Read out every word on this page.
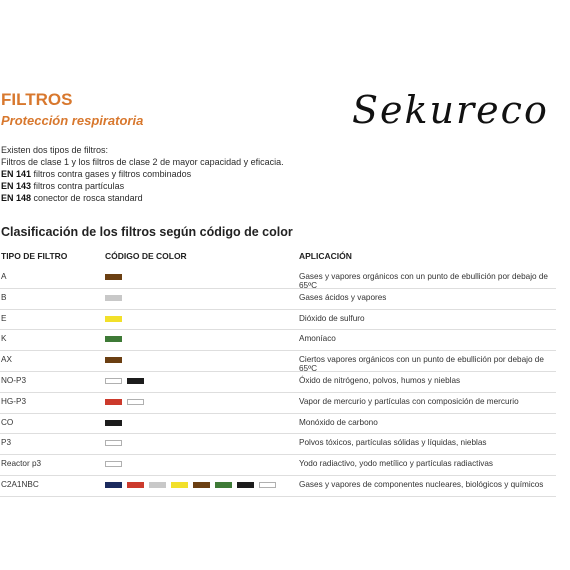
FILTROS
Protección respiratoria	Sekureco
Existen dos tipos de filtros:
Filtros de clase 1 y los filtros de clase 2 de mayor capacidad y eficacia.
EN 141 filtros contra gases y filtros combinados
EN 143 filtros contra partículas
EN 148 conector de rosca standard
Clasificación de los filtros según código de color
TIPO DE FILTRO	CÓDIGO DE COLOR	APLICACIÓN
A	Gases y vapores orgánicos con un punto de ebullición por debajo de 65ºC
B	Gases ácidos y vapores
E	Dióxido de sulfuro
K	Amoníaco
AX	Ciertos vapores orgánicos con un punto de ebullición por debajo de 65ºC
NO-P3	Óxido de nitrógeno, polvos, humos y nieblas
HG-P3	Vapor de mercurio y partículas con composición de mercurio
CO	Monóxido de carbono
P3	Polvos tóxicos, partículas sólidas y líquidas, nieblas
Reactor p3	Yodo radiactivo, yodo metílico y partículas radiactivas
C2A1NBC	Gases y vapores de componentes nucleares, biológicos y químicos
